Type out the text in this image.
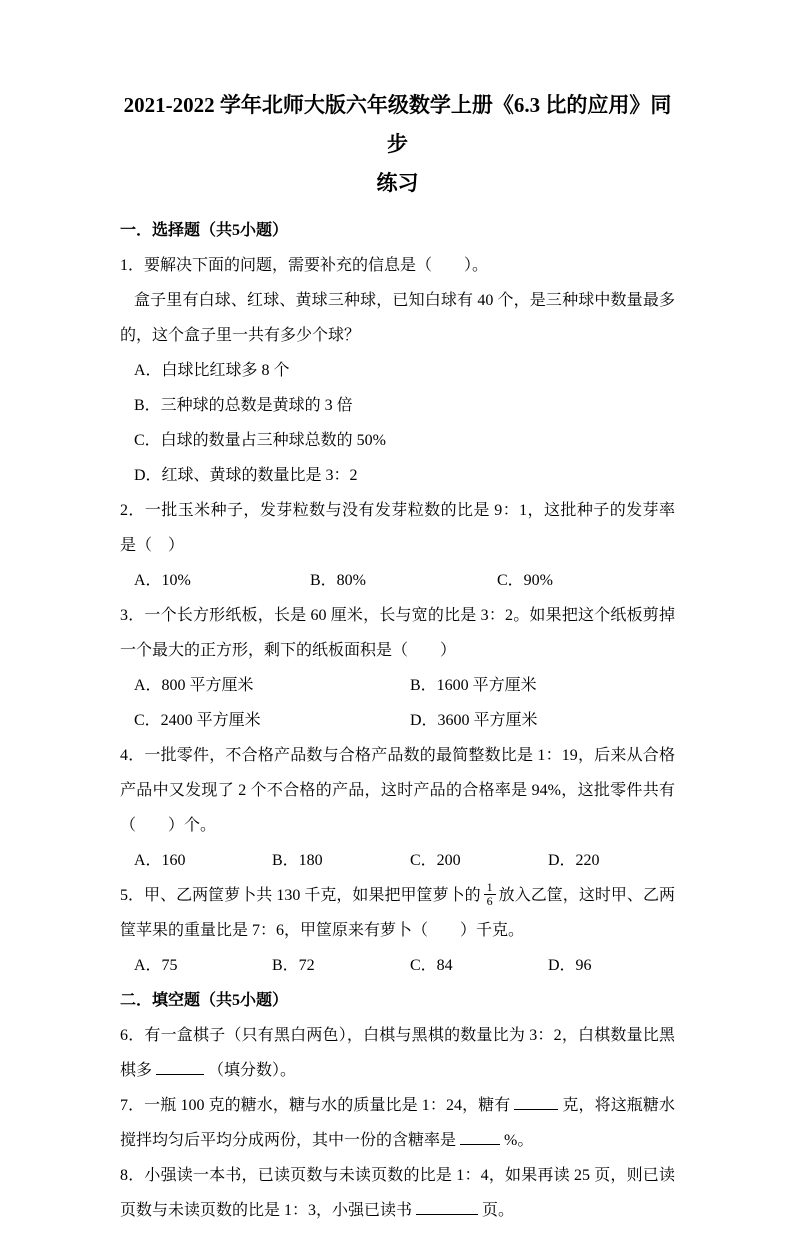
2021-2022 学年北师大版六年级数学上册《6.3 比的应用》同步
练习
一．选择题（共5小题）

1．要解决下面的问题，需要补充的信息是（　　）。

盒子里有白球、红球、黄球三种球，已知白球有 40 个，是三种球中数量最多的，这个盒子里一共有多少个球？

A．白球比红球多 8 个

B．三种球的总数是黄球的 3 倍

C．白球的数量占三种球总数的 50%

D．红球、黄球的数量比是 3：2

2．一批玉米种子，发芽粒数与没有发芽粒数的比是 9：1，这批种子的发芽率是（　）

A．10%	B．80%	C．90%

3．一个长方形纸板，长是 60 厘米，长与宽的比是 3：2。如果把这个纸板剪掉一个最大的正方形，剩下的纸板面积是（　　）

A．800 平方厘米	B．1600 平方厘米
C．2400 平方厘米	D．3600 平方厘米

4．一批零件，不合格产品数与合格产品数的最简整数比是 1：19，后来从合格产品中又发现了 2 个不合格的产品，这时产品的合格率是 94%，这批零件共有（　　）个。

A．160	B．180	C．200	D．220

5．甲、乙两筐萝卜共 130 千克，如果把甲筐萝卜的 $\frac{1}{6}$ 放入乙筐，这时甲、乙两筐苹果的重量比是 7：6，甲筐原来有萝卜（　　）千克。

A．75	B．72	C．84	D．96
二．填空题（共5小题）

6．有一盒棋子（只有黑白两色），白棋与黑棋的数量比为 3：2，白棋数量比黑棋多	（填分数）。

7．一瓶 100 克的糖水，糖与水的质量比是 1：24，糖有	克，将这瓶糖水搅拌均匀后平均分成两份，其中一份的含糖率是	%。

8．小强读一本书，已读页数与未读页数的比是 1：4，如果再读 25 页，则已读页数与未读页数的比是 1：3，小强已读书	页。
